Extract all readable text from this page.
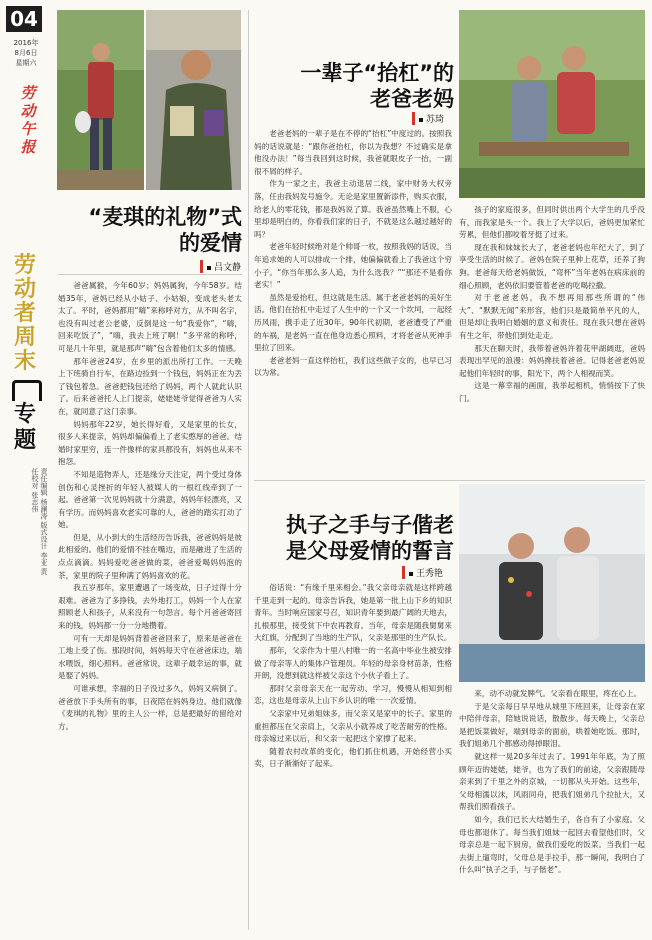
04
2016年
8月6日
星期六
劳动午报
劳动者周末
专题
责任编辑 杨澜涛 版式设计 李亚 责任校对 张志伟
“麦琪的礼物”式
的爱情
吕文静

爸爸属猴，今年60岁；妈妈属狗，今年58岁。结婚35年，爸妈已经从小姑子、小姑娘，变成老头老太太了。平时，爸妈都用“嗨”来称呼对方，从不叫名字，也没有叫过老公老婆，反倒是这一句“我爱你”，“嗨，回来吃饭了”，“嗨，我去上班了啊！”多平常的称呼，可是几十年里，就是那声“嗨”包含着他们太多的情感。

那年爸爸24岁，在乡里的派出所打工作。一天晚上下班骑自行车，在路边捡到一个钱包，妈妈正在为丢了钱包着急。爸爸把钱包还给了妈妈，两个人就此认识了。后来爸爸托人上门提亲，姥姥姥爷觉得爸爸为人实在，就同意了这门亲事。

妈妈那年22岁，她长得好看，又是家里的长女，很多人来提亲，妈妈却偏偏看上了老实憨厚的爸爸。结婚时家里穷，连一件像样的家具都没有，妈妈也从来不抱怨。

不知是造物弄人，还是缘分天注定，两个受过身体创伤和心灵挫折的年轻人被媒人的一根红线牵到了一起。爸爸第一次见妈妈就十分满意，妈妈年轻漂亮，又有学历。而妈妈喜欢老实可靠的人，爸爸的踏实打动了她。

但是，从小到大的生活经历告诉我，爸爸妈妈是彼此相爱的。他们的爱情不挂在嘴边，而是融进了生活的点点滴滴。妈妈爱吃爸爸做的菜，爸爸爱喝妈妈泡的茶，家里的院子里种满了妈妈喜欢的花。

我五岁那年，家里遭遇了一场变故，日子过得十分艰难。爸爸为了多挣钱，去外地打工，妈妈一个人在家照顾老人和孩子，从来没有一句怨言。每个月爸爸寄回来的钱，妈妈都一分一分地攒着。

可有一天却是妈妈背着爸爸回来了，原来是爸爸在工地上受了伤。那段时间，妈妈每天守在爸爸床边，端水喂饭，细心照料。爸爸常说，这辈子最幸运的事，就是娶了妈妈。

可谁承想，幸福的日子没过多久，妈妈又病倒了。爸爸放下手头所有的事，日夜陪在妈妈身边。他们就像《麦琪的礼物》里的主人公一样，总是把最好的留给对方。

一辈子“抬杠”的
老爸老妈
苏琦

老爸老妈的一辈子是在不停的“抬杠”中度过的。按照我妈的话说就是：“跟你爸抬杠，你以为我想？不过确实是拿他没办法！”每当我回到这时候，我爸就眼皮子一抬，一副很不屑的样子。

作为一家之主，我爸主动退居二线，家中财务大权旁落，任由我妈发号施令。无论是家里置新添件，购买衣服，给老人的零花钱，都是我妈说了算。我爸虽然嘴上不服，心里却是明白的，你看我们家的日子，不就是这么越过越好的吗？

老爸年轻时候绝对是个帅哥一枚，按照我妈的话说，当年追求她的人可以排成一个排，她偏偏就看上了我爸这个穷小子。“你当年那么多人追，为什么选我？”“那还不是看你老实！”

虽然是爱抬杠，但这就是生活。属于老爸老妈的美好生活。他们在抬杠中走过了人生中的一个又一个坎坷，一起经历风雨，携手走了近30年。90年代初期，老爸遭受了严重的车祸，是老妈一直在他身边悉心照料，才将老爸从死神手里拉了回来。

老爸老妈一直这样抬杠，我们这些做子女的，也早已习以为常。

孩子的家庭很多，但同时供出两个大学生的几乎没有，而我家是头一个。我上了大学以后，爸妈更加紧忙劳累，但他们都咬着牙挺了过来。

现在我和妹妹长大了，老爸老妈也年纪大了，到了享受生活的时候了。爸妈在院子里种上花草，还养了狗狗。老爸每天给老妈做饭，“弯杯”当年老妈在病床前的细心照顾，老妈依旧要管着老爸的吃喝拉撒。

对于老爸老妈，我不想再用那些所谓的“伟大”、“默默无闻”来形容，他们只是最简单平凡的人，但是却让我明白婚姻的意义和责任。现在我只想在爸妈有生之年，带他们到处走走。

那天在聊天时，我带着爸妈许着花甲湖阔逛，爸妈表现出罕见的浪漫：妈妈搀扶着爸爸。记得老爸老妈说起他们年轻时的事，阳光下，两个人相视而笑。

这是一幕幸福的画面，我举起相机，悄悄按下了快门。

执子之手与子偕老
是父母爱情的誓言
王秀艳

俗话说：“有缘千里来相会。”我父亲母亲就是这样跨越千里走到一起的。母亲告诉我，她是第一批上山下乡的知识青年。当时响应国家号召，知识青年要到最广阔的天地去，扎根那里，接受贫下中农再教育。当年，母亲是随我舅舅来大红旗，分配到了当地的生产队，父亲是那里的生产队长。

那年，父亲作为十里八村唯一的一名高中毕业生被安排做了母亲等人的集体户管理员。年轻的母亲身材苗条，性格开朗，没想到就这样被父亲这个小伙子看上了。

那时父亲母亲天在一起劳动、学习，慢慢从相知到相恋，这也是母亲从上山下乡认识的唯一一次爱情。

父亲家中兄弟姐妹多，而父亲又是家中的长子。家里的重担都压在父亲肩上，父亲从小就养成了吃苦耐劳的性格。母亲嫁过来以后，和父亲一起把这个家撑了起来。

随着农村改革的变化，他们抓住机遇，开始经营小买卖，日子渐渐好了起来。

来，动不动就发脾气。父亲看在眼里，疼在心上。

于是父亲每日早早地从城里下班回来，让母亲在家中陪伴母亲，陪她说说话，散散步。每天晚上，父亲总是把饭菜做好，端到母亲的面前，哄着她吃饭。那时，我们姐弟几个都感动得掉眼泪。

就这样一晃20多年过去了。1991年年底，为了照顾年迈的姥姥，姥爷，也为了我们的前途，父亲跟随母亲来到了千里之外的京城，一切都从头开始。这些年，父母相濡以沫，风雨同舟，把我们姐弟几个拉扯大，又帮我们照看孩子。

如今，我们已长大结婚生子，各自有了小家庭。父母也都退休了。每当我们姐妹一起回去看望他们时，父母亲总是一起下厨房，做我们爱吃的饭菜。当我们一起去街上遛弯时，父母总是手拉手，那一瞬间，我明白了什么叫“执子之手，与子偕老”。
